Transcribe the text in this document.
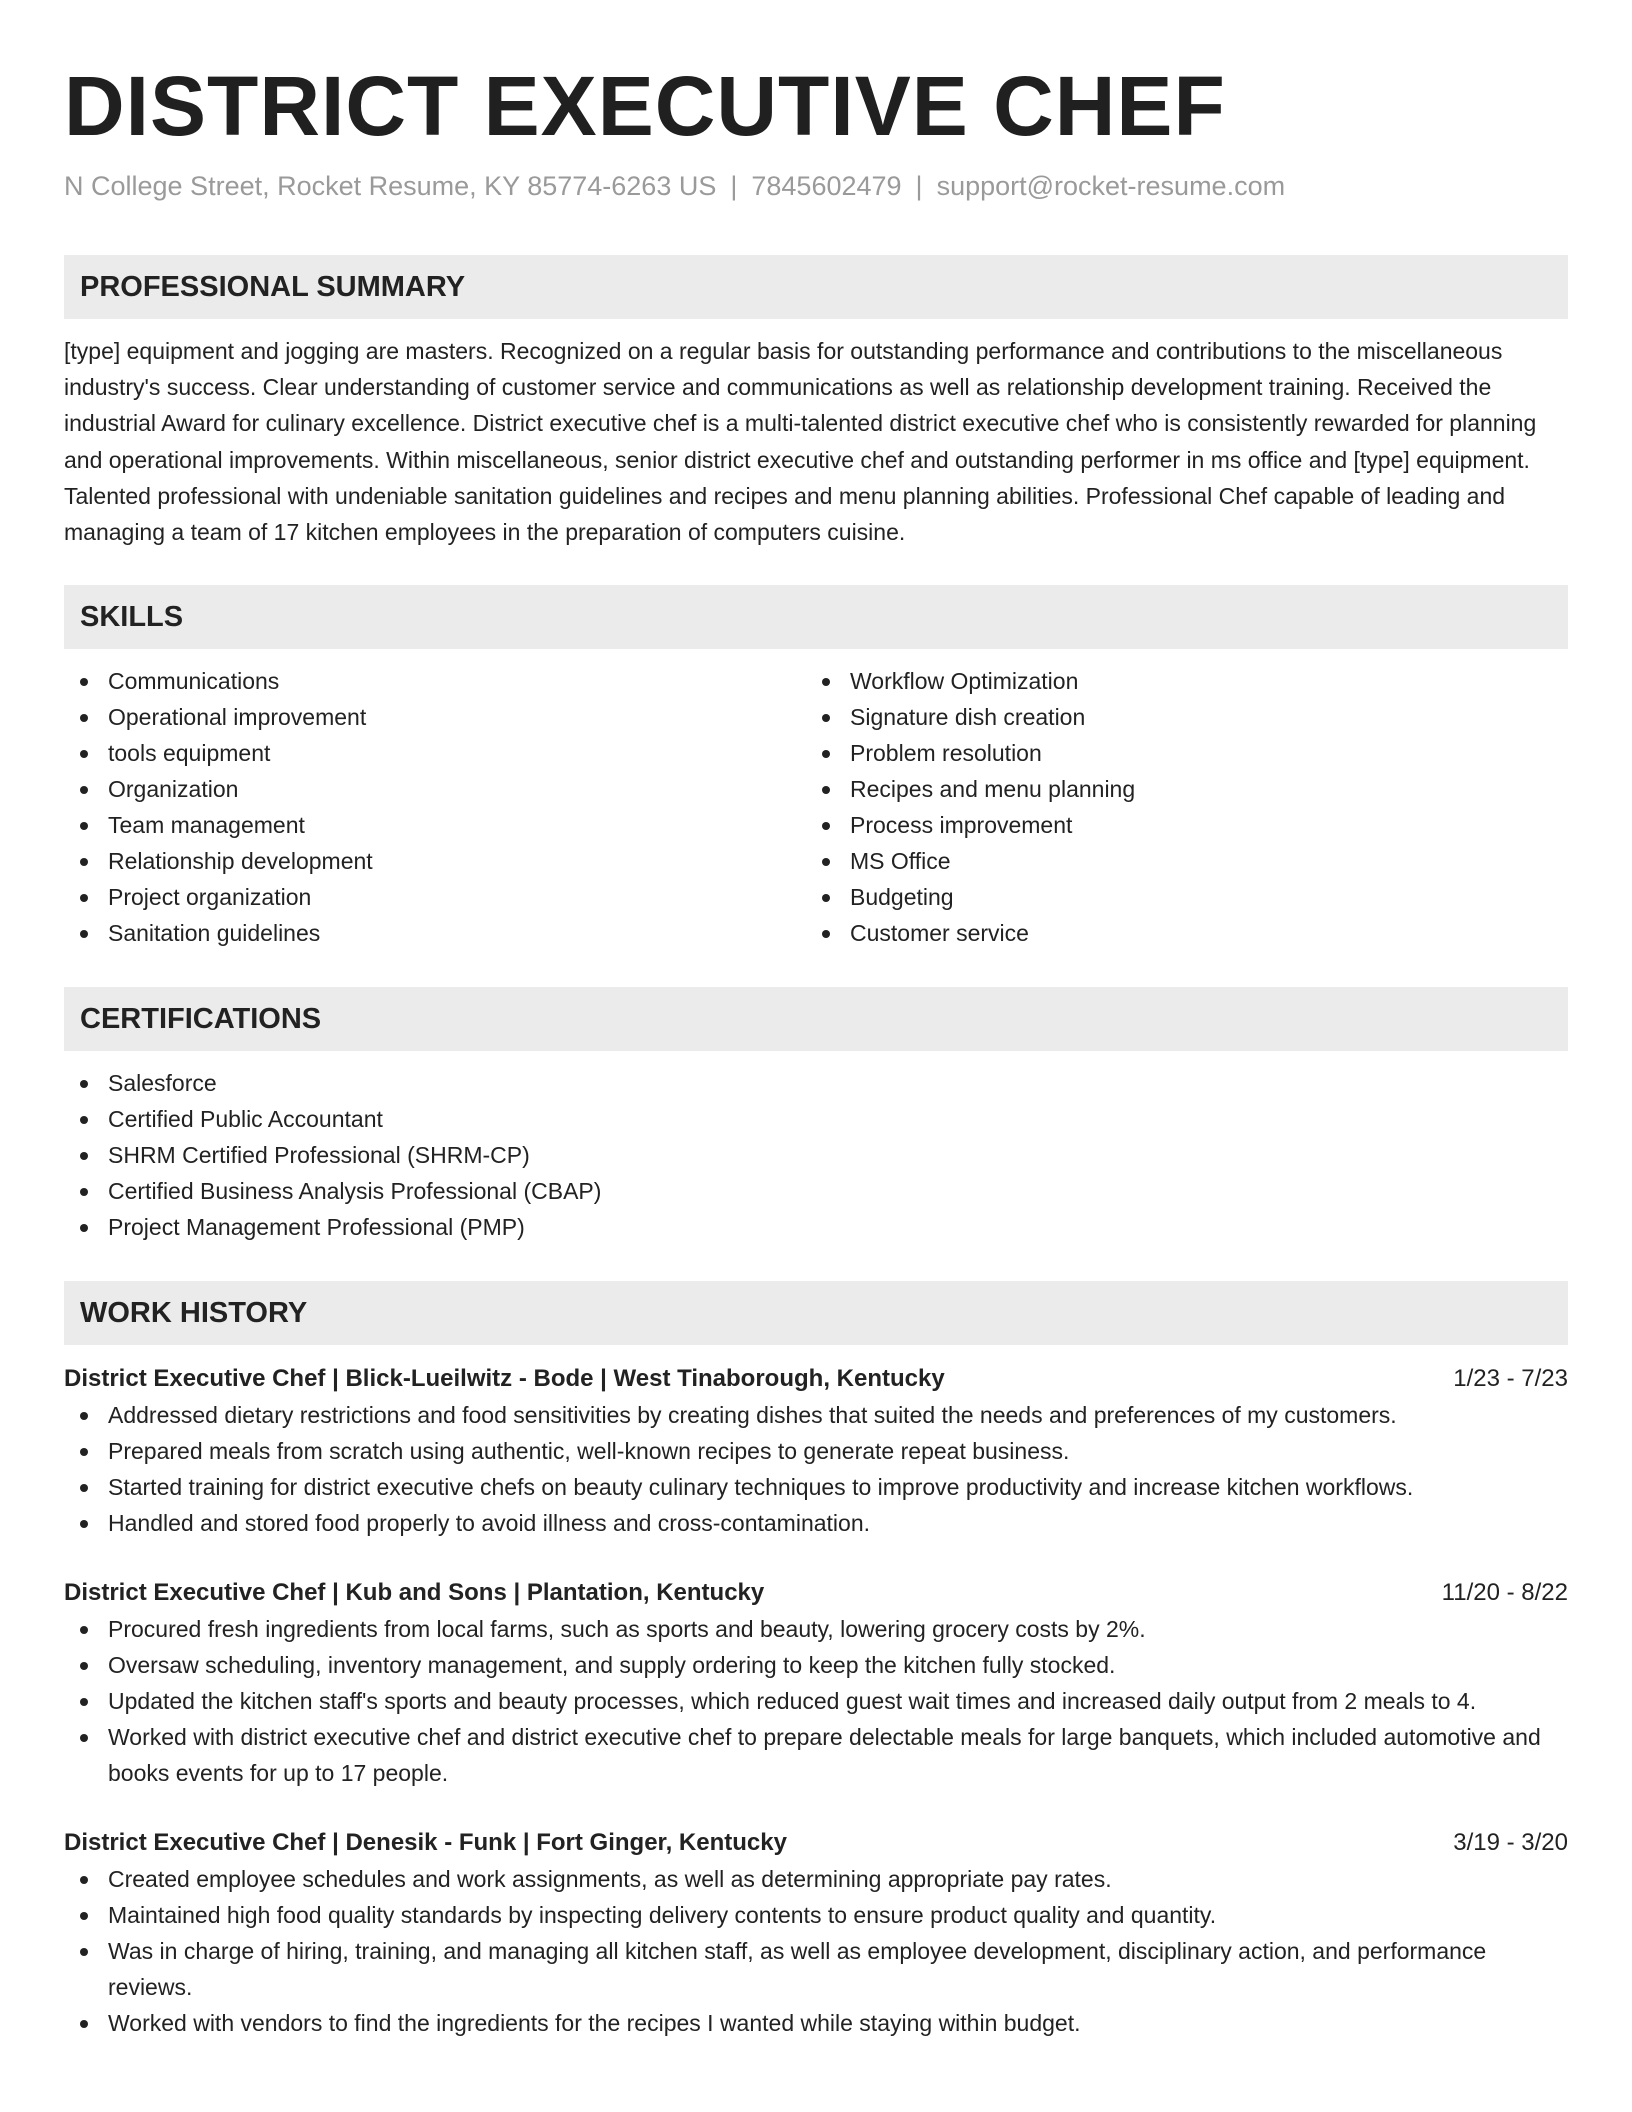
DISTRICT EXECUTIVE CHEF
N College Street, Rocket Resume, KY 85774-6263 US | 7845602479 | support@rocket-resume.com
PROFESSIONAL SUMMARY

[type] equipment and jogging are masters. Recognized on a regular basis for outstanding performance and contributions to the miscellaneous industry's success. Clear understanding of customer service and communications as well as relationship development training. Received the industrial Award for culinary excellence. District executive chef is a multi-talented district executive chef who is consistently rewarded for planning and operational improvements. Within miscellaneous, senior district executive chef and outstanding performer in ms office and [type] equipment. Talented professional with undeniable sanitation guidelines and recipes and menu planning abilities. Professional Chef capable of leading and managing a team of 17 kitchen employees in the preparation of computers cuisine.

SKILLS
Communications
Operational improvement
tools equipment
Organization
Team management
Relationship development
Project organization
Sanitation guidelines
Workflow Optimization
Signature dish creation
Problem resolution
Recipes and menu planning
Process improvement
MS Office
Budgeting
Customer service
CERTIFICATIONS
Salesforce
Certified Public Accountant
SHRM Certified Professional (SHRM-CP)
Certified Business Analysis Professional (CBAP)
Project Management Professional (PMP)
WORK HISTORY
District Executive Chef | Blick-Lueilwitz - Bode | West Tinaborough, Kentucky	1/23 - 7/23
Addressed dietary restrictions and food sensitivities by creating dishes that suited the needs and preferences of my customers.
Prepared meals from scratch using authentic, well-known recipes to generate repeat business.
Started training for district executive chefs on beauty culinary techniques to improve productivity and increase kitchen workflows.
Handled and stored food properly to avoid illness and cross-contamination.
District Executive Chef | Kub and Sons | Plantation, Kentucky	11/20 - 8/22
Procured fresh ingredients from local farms, such as sports and beauty, lowering grocery costs by 2%.
Oversaw scheduling, inventory management, and supply ordering to keep the kitchen fully stocked.
Updated the kitchen staff's sports and beauty processes, which reduced guest wait times and increased daily output from 2 meals to 4.
Worked with district executive chef and district executive chef to prepare delectable meals for large banquets, which included automotive and books events for up to 17 people.
District Executive Chef | Denesik - Funk | Fort Ginger, Kentucky	3/19 - 3/20
Created employee schedules and work assignments, as well as determining appropriate pay rates.
Maintained high food quality standards by inspecting delivery contents to ensure product quality and quantity.
Was in charge of hiring, training, and managing all kitchen staff, as well as employee development, disciplinary action, and performance reviews.
Worked with vendors to find the ingredients for the recipes I wanted while staying within budget.
